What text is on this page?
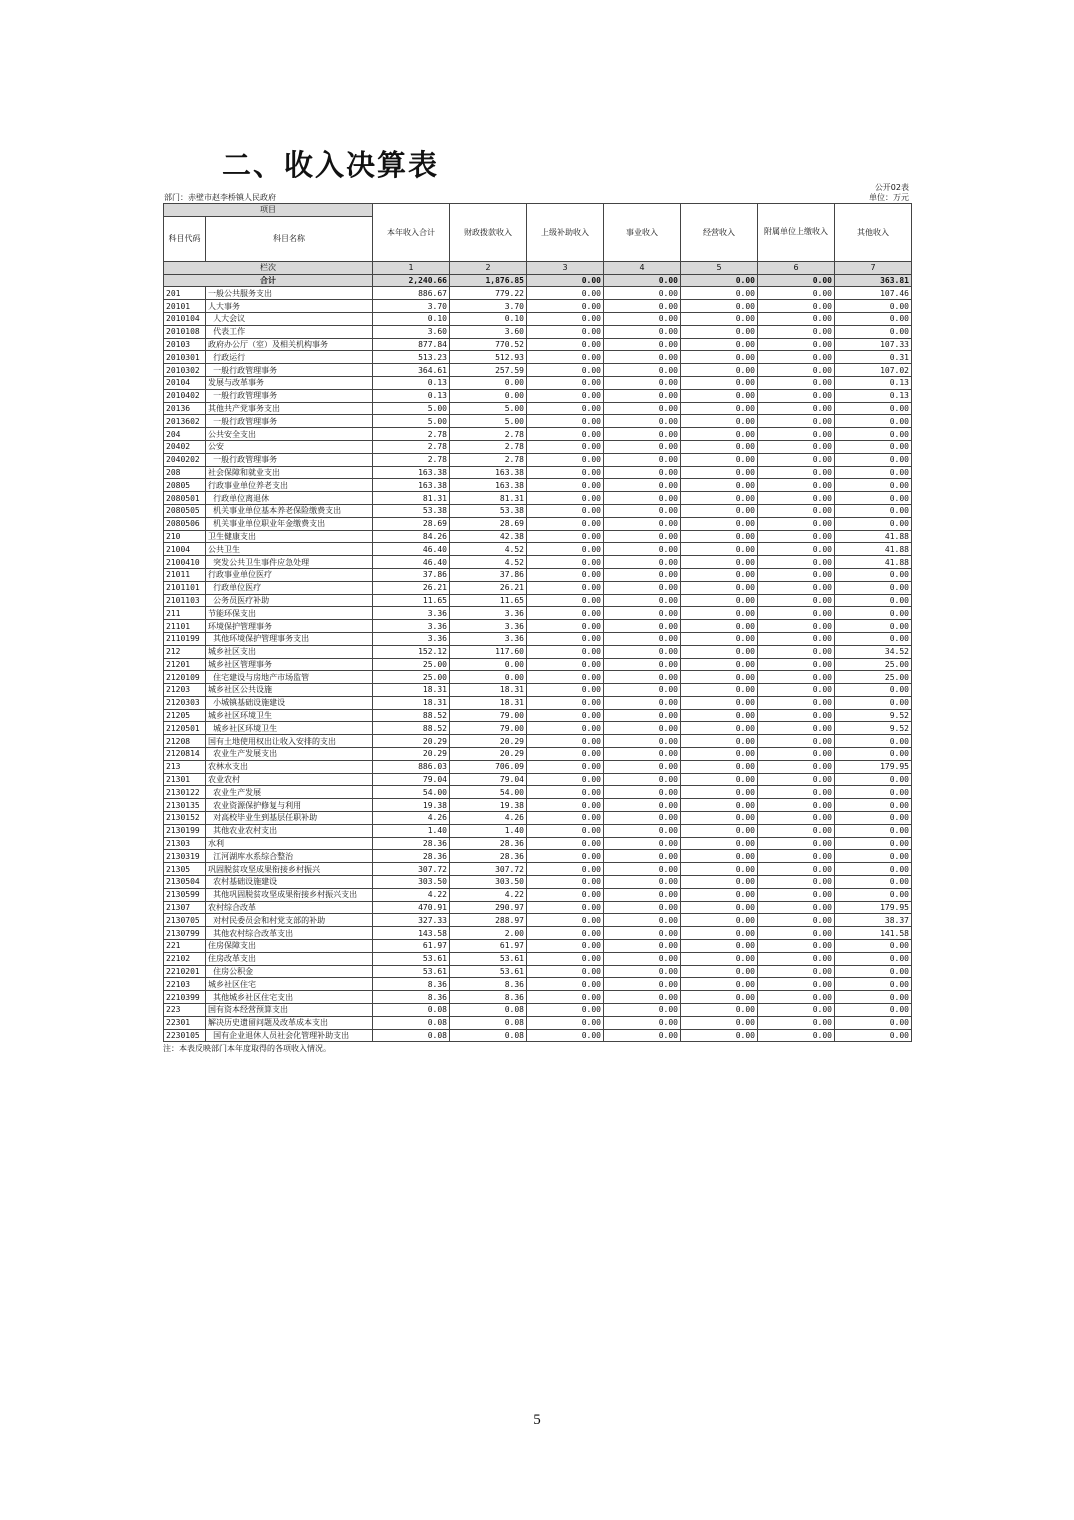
二、收入决算表
公开02表
部门：赤壁市赵李桥镇人民政府	单位：万元
项目		本年收入合计	财政拨款收入	上级补助收入	事业收入	经营收入	附属单位上缴收入	其他收入
科目代码	科目名称							
栏次		1	2	3	4	5	6	7
合计		2,240.66	1,876.85	0.00	0.00	0.00	0.00	363.81
201	一般公共服务支出	886.67	779.22	0.00	0.00	0.00	0.00	107.46
20101	人大事务	3.70	3.70	0.00	0.00	0.00	0.00	0.00
2010104	人大会议	0.10	0.10	0.00	0.00	0.00	0.00	0.00
2010108	代表工作	3.60	3.60	0.00	0.00	0.00	0.00	0.00
20103	政府办公厅（室）及相关机构事务	877.84	770.52	0.00	0.00	0.00	0.00	107.33
2010301	行政运行	513.23	512.93	0.00	0.00	0.00	0.00	0.31
2010302	一般行政管理事务	364.61	257.59	0.00	0.00	0.00	0.00	107.02
20104	发展与改革事务	0.13	0.00	0.00	0.00	0.00	0.00	0.13
2010402	一般行政管理事务	0.13	0.00	0.00	0.00	0.00	0.00	0.13
20136	其他共产党事务支出	5.00	5.00	0.00	0.00	0.00	0.00	0.00
2013602	一般行政管理事务	5.00	5.00	0.00	0.00	0.00	0.00	0.00
204	公共安全支出	2.78	2.78	0.00	0.00	0.00	0.00	0.00
20402	公安	2.78	2.78	0.00	0.00	0.00	0.00	0.00
2040202	一般行政管理事务	2.78	2.78	0.00	0.00	0.00	0.00	0.00
208	社会保障和就业支出	163.38	163.38	0.00	0.00	0.00	0.00	0.00
20805	行政事业单位养老支出	163.38	163.38	0.00	0.00	0.00	0.00	0.00
2080501	行政单位离退休	81.31	81.31	0.00	0.00	0.00	0.00	0.00
2080505	机关事业单位基本养老保险缴费支出	53.38	53.38	0.00	0.00	0.00	0.00	0.00
2080506	机关事业单位职业年金缴费支出	28.69	28.69	0.00	0.00	0.00	0.00	0.00
210	卫生健康支出	84.26	42.38	0.00	0.00	0.00	0.00	41.88
21004	公共卫生	46.40	4.52	0.00	0.00	0.00	0.00	41.88
2100410	突发公共卫生事件应急处理	46.40	4.52	0.00	0.00	0.00	0.00	41.88
21011	行政事业单位医疗	37.86	37.86	0.00	0.00	0.00	0.00	0.00
2101101	行政单位医疗	26.21	26.21	0.00	0.00	0.00	0.00	0.00
2101103	公务员医疗补助	11.65	11.65	0.00	0.00	0.00	0.00	0.00
211	节能环保支出	3.36	3.36	0.00	0.00	0.00	0.00	0.00
21101	环境保护管理事务	3.36	3.36	0.00	0.00	0.00	0.00	0.00
2110199	其他环境保护管理事务支出	3.36	3.36	0.00	0.00	0.00	0.00	0.00
212	城乡社区支出	152.12	117.60	0.00	0.00	0.00	0.00	34.52
21201	城乡社区管理事务	25.00	0.00	0.00	0.00	0.00	0.00	25.00
2120109	住宅建设与房地产市场监管	25.00	0.00	0.00	0.00	0.00	0.00	25.00
21203	城乡社区公共设施	18.31	18.31	0.00	0.00	0.00	0.00	0.00
2120303	小城镇基础设施建设	18.31	18.31	0.00	0.00	0.00	0.00	0.00
21205	城乡社区环境卫生	88.52	79.00	0.00	0.00	0.00	0.00	9.52
2120501	城乡社区环境卫生	88.52	79.00	0.00	0.00	0.00	0.00	9.52
21208	国有土地使用权出让收入安排的支出	20.29	20.29	0.00	0.00	0.00	0.00	0.00
2120814	农业生产发展支出	20.29	20.29	0.00	0.00	0.00	0.00	0.00
213	农林水支出	886.03	706.09	0.00	0.00	0.00	0.00	179.95
21301	农业农村	79.04	79.04	0.00	0.00	0.00	0.00	0.00
2130122	农业生产发展	54.00	54.00	0.00	0.00	0.00	0.00	0.00
2130135	农业资源保护修复与利用	19.38	19.38	0.00	0.00	0.00	0.00	0.00
2130152	对高校毕业生到基层任职补助	4.26	4.26	0.00	0.00	0.00	0.00	0.00
2130199	其他农业农村支出	1.40	1.40	0.00	0.00	0.00	0.00	0.00
21303	水利	28.36	28.36	0.00	0.00	0.00	0.00	0.00
2130319	江河湖库水系综合整治	28.36	28.36	0.00	0.00	0.00	0.00	0.00
21305	巩固脱贫攻坚成果衔接乡村振兴	307.72	307.72	0.00	0.00	0.00	0.00	0.00
2130504	农村基础设施建设	303.50	303.50	0.00	0.00	0.00	0.00	0.00
2130599	其他巩固脱贫攻坚成果衔接乡村振兴支出	4.22	4.22	0.00	0.00	0.00	0.00	0.00
21307	农村综合改革	470.91	290.97	0.00	0.00	0.00	0.00	179.95
2130705	对村民委员会和村党支部的补助	327.33	288.97	0.00	0.00	0.00	0.00	38.37
2130799	其他农村综合改革支出	143.58	2.00	0.00	0.00	0.00	0.00	141.58
221	住房保障支出	61.97	61.97	0.00	0.00	0.00	0.00	0.00
22102	住房改革支出	53.61	53.61	0.00	0.00	0.00	0.00	0.00
2210201	住房公积金	53.61	53.61	0.00	0.00	0.00	0.00	0.00
22103	城乡社区住宅	8.36	8.36	0.00	0.00	0.00	0.00	0.00
2210399	其他城乡社区住宅支出	8.36	8.36	0.00	0.00	0.00	0.00	0.00
223	国有资本经营预算支出	0.08	0.08	0.00	0.00	0.00	0.00	0.00
22301	解决历史遗留问题及改革成本支出	0.08	0.08	0.00	0.00	0.00	0.00	0.00
2230105	国有企业退休人员社会化管理补助支出	0.08	0.08	0.00	0.00	0.00	0.00	0.00
注：本表反映部门本年度取得的各项收入情况。
5
